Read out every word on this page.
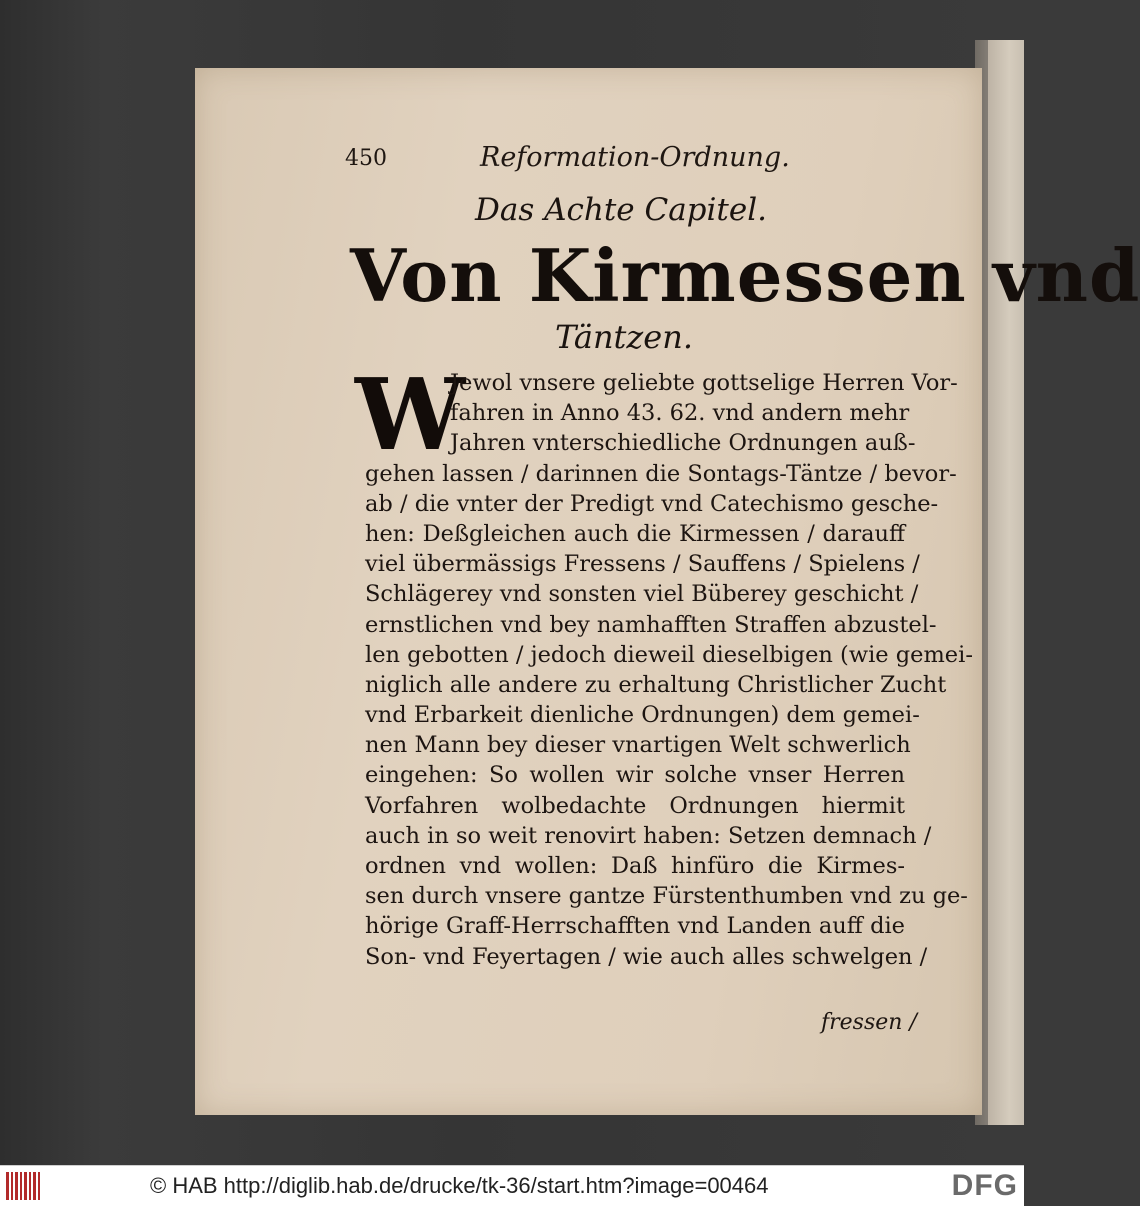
450	Reformation-Ordnung.
Das Achte Capitel.
Von Kirmessen vnd
Täntzen.
W
Jewol vnsere geliebte gottselige Herren Vor-
fahren in Anno 43. 62. vnd andern mehr
Jahren vnterschiedliche Ordnungen auß-
gehen lassen / darinnen die Sontags-Täntze / bevor-
ab / die vnter der Predigt vnd Catechismo gesche-
hen: Deßgleichen auch die Kirmessen / darauff
viel übermässigs Fressens / Sauffens / Spielens /
Schlägerey vnd sonsten viel Büberey geschicht /
ernstlichen vnd bey namhafften Straffen abzustel-
len gebotten / jedoch dieweil dieselbigen (wie gemei-
niglich alle andere zu erhaltung Christlicher Zucht
vnd Erbarkeit dienliche Ordnungen) dem gemei-
nen Mann bey dieser vnartigen Welt schwerlich
eingehen: So wollen wir solche vnser Herren
Vorfahren wolbedachte Ordnungen hiermit
auch in so weit renovirt haben: Setzen demnach /
ordnen vnd wollen: Daß hinfüro die Kirmes-
sen durch vnsere gantze Fürstenthumben vnd zu ge-
hörige Graff-Herrschafften vnd Landen auff die
Son- vnd Feyertagen / wie auch alles schwelgen /
fressen /
© HAB http://diglib.hab.de/drucke/tk-36/start.htm?image=00464	DFG
